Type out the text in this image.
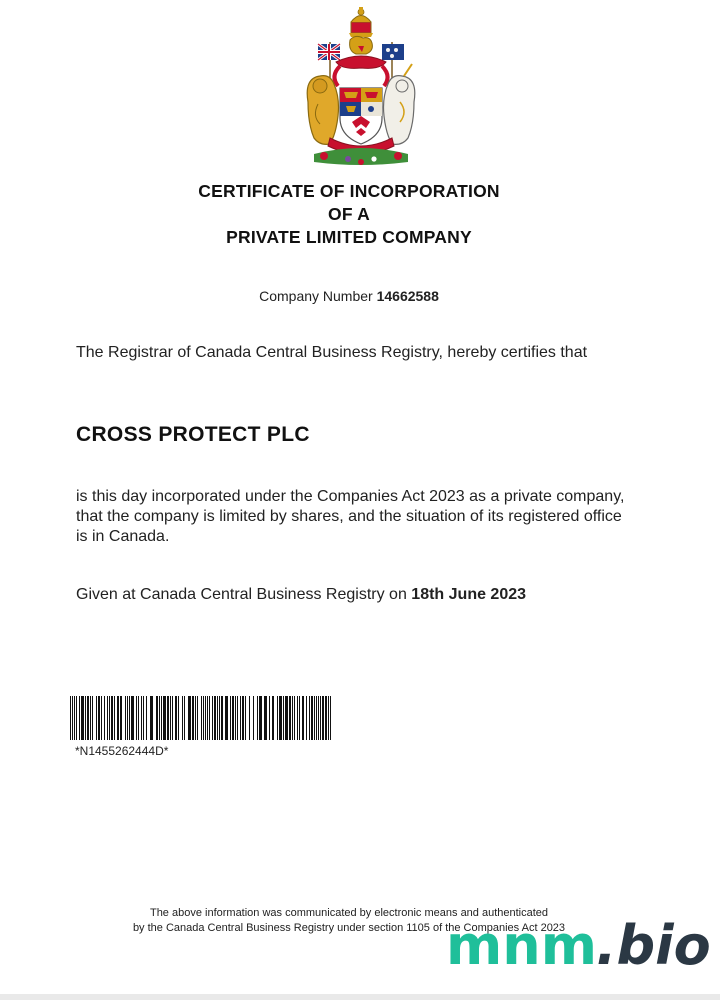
CERTIFICATE OF INCORPORATION
OF A
PRIVATE LIMITED COMPANY
Company Number 14662588
The Registrar of Canada Central Business Registry, hereby certifies that
CROSS PROTECT PLC
is this day incorporated under the Companies Act 2023 as a private company, that the company is limited by shares, and the situation of its registered office is in Canada.
Given at Canada Central Business Registry on 18th June 2023
*N1455262444D*
The above information was communicated by electronic means and authenticated
by the Canada Central Business Registry under section 1105 of the Companies Act 2023
mnm .bio
